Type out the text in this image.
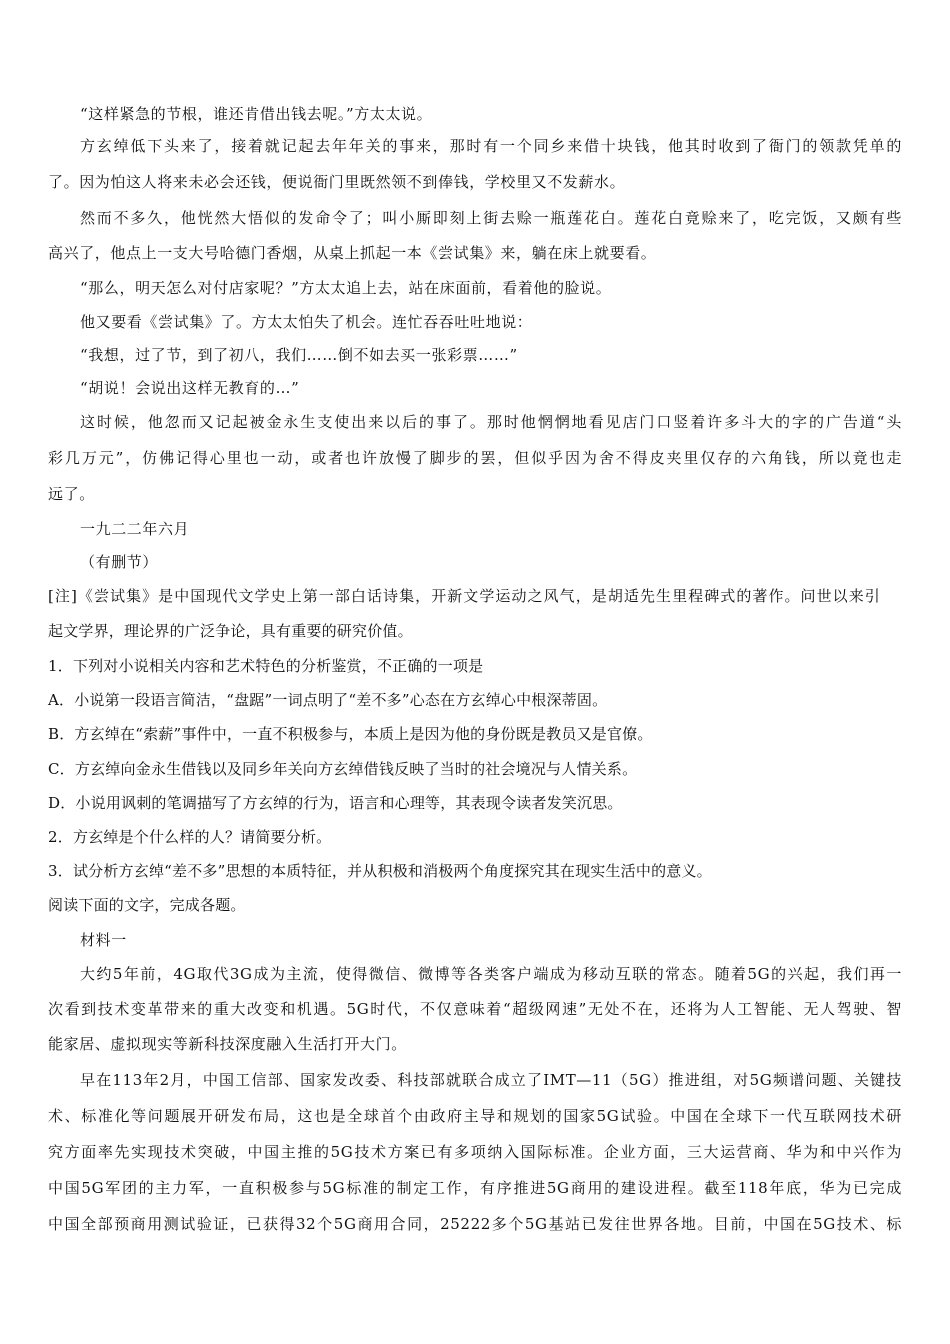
“这样紧急的节根，谁还肯借出钱去呢。”方太太说。
方玄绰低下头来了，接着就记起去年年关的事来，那时有一个同乡来借十块钱，他其时收到了衙门的领款凭单的
了。因为怕这人将来未必会还钱，便说衙门里既然领不到俸钱，学校里又不发薪水。
然而不多久，他恍然大悟似的发命令了；叫小厮即刻上街去赊一瓶莲花白。莲花白竟赊来了，吃完饭，又颇有些
高兴了，他点上一支大号哈德门香烟，从桌上抓起一本《尝试集》来，躺在床上就要看。
“那么，明天怎么对付店家呢？”方太太追上去，站在床面前，看着他的脸说。
他又要看《尝试集》了。方太太怕失了机会。连忙吞吞吐吐地说：
“我想，过了节，到了初八，我们……倒不如去买一张彩票……”
“胡说！会说出这样无教育的…”
这时候，他忽而又记起被金永生支使出来以后的事了。那时他惘惘地看见店门口竖着许多斗大的字的广告道“头
彩几万元”，仿佛记得心里也一动，或者也许放慢了脚步的罢，但似乎因为舍不得皮夹里仅存的六角钱，所以竟也走
远了。
一九二二年六月
（有删节）
[注]《尝试集》是中国现代文学史上第一部白话诗集，开新文学运动之风气，是胡适先生里程碑式的著作。问世以来引
起文学界，理论界的广泛争论，具有重要的研究价值。
1．下列对小说相关内容和艺术特色的分析鉴赏，不正确的一项是
A．小说第一段语言简洁，“盘踞”一词点明了“差不多”心态在方玄绰心中根深蒂固。
B．方玄绰在“索薪”事件中，一直不积极参与，本质上是因为他的身份既是教员又是官僚。
C．方玄绰向金永生借钱以及同乡年关向方玄绰借钱反映了当时的社会境况与人情关系。
D．小说用讽刺的笔调描写了方玄绰的行为，语言和心理等，其表现令读者发笑沉思。
2．方玄绰是个什么样的人？请简要分析。
3．试分析方玄绰“差不多”思想的本质特征，并从积极和消极两个角度探究其在现实生活中的意义。
阅读下面的文字，完成各题。
材料一
大约5年前，4G取代3G成为主流，使得微信、微博等各类客户端成为移动互联的常态。随着5G的兴起，我们再一
次看到技术变革带来的重大改变和机遇。5G时代，不仅意味着“超级网速”无处不在，还将为人工智能、无人驾驶、智
能家居、虚拟现实等新科技深度融入生活打开大门。
早在113年2月，中国工信部、国家发改委、科技部就联合成立了IMT—11（5G）推进组，对5G频谱问题、关键技
术、标准化等问题展开研发布局，这也是全球首个由政府主导和规划的国家5G试验。中国在全球下一代互联网技术研
究方面率先实现技术突破，中国主推的5G技术方案已有多项纳入国际标准。企业方面，三大运营商、华为和中兴作为
中国5G军团的主力军，一直积极参与5G标准的制定工作，有序推进5G商用的建设进程。截至118年底，华为已完成
中国全部预商用测试验证，已获得32个5G商用合同，25222多个5G基站已发往世界各地。目前，中国在5G技术、标
